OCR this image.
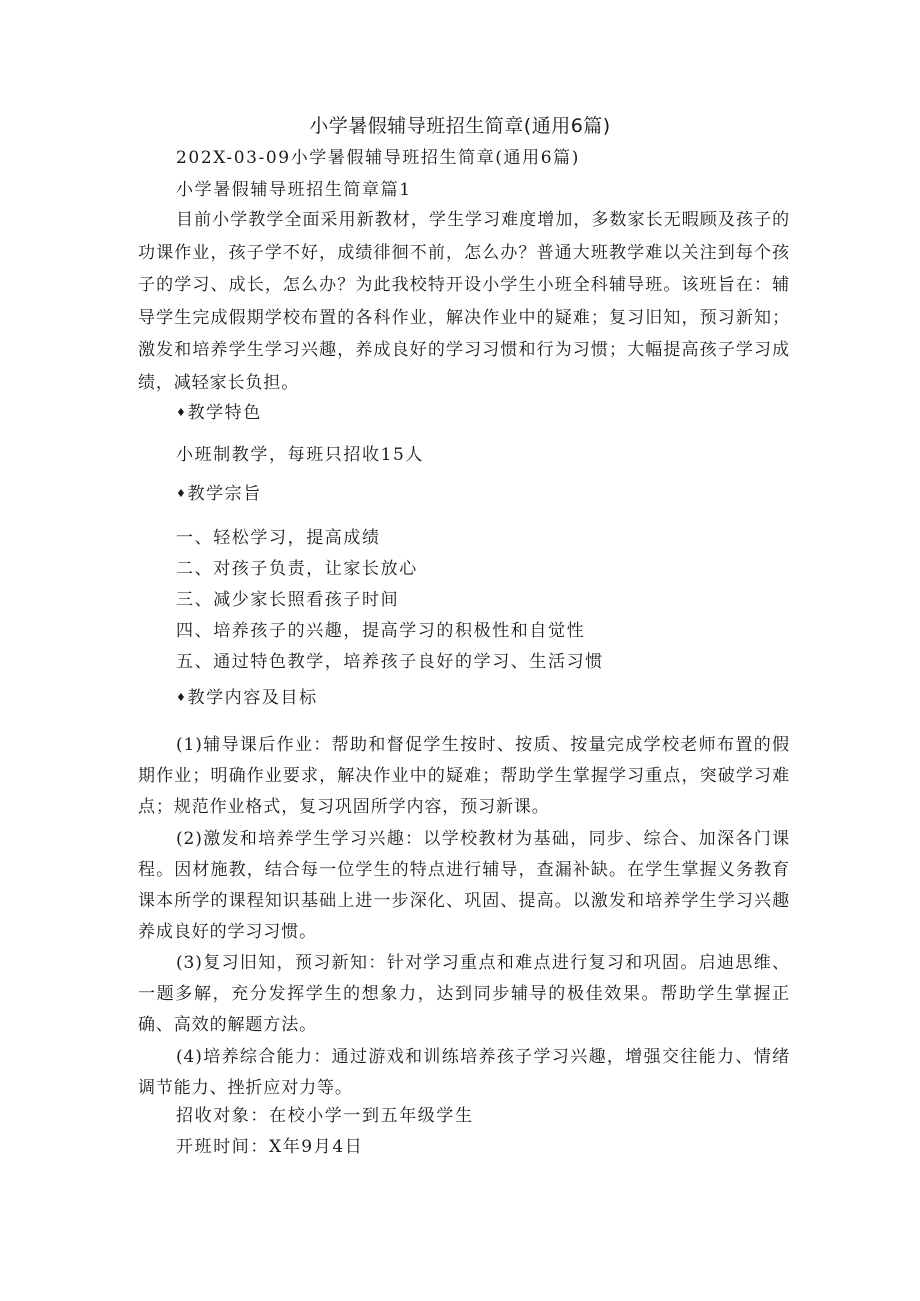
小学暑假辅导班招生简章(通用6篇)
202X-03-09小学暑假辅导班招生简章(通用6篇)
小学暑假辅导班招生简章篇1
目前小学教学全面采用新教材，学生学习难度增加，多数家长无暇顾及孩子的功课作业，孩子学不好，成绩徘徊不前，怎么办？普通大班教学难以关注到每个孩子的学习、成长，怎么办？为此我校特开设小学生小班全科辅导班。该班旨在：辅导学生完成假期学校布置的各科作业，解决作业中的疑难；复习旧知，预习新知；激发和培养学生学习兴趣，养成良好的学习习惯和行为习惯；大幅提高孩子学习成绩，减轻家长负担。
♦教学特色
小班制教学，每班只招收15人
♦教学宗旨
一、轻松学习，提高成绩
二、对孩子负责，让家长放心
三、减少家长照看孩子时间
四、培养孩子的兴趣，提高学习的积极性和自觉性
五、通过特色教学，培养孩子良好的学习、生活习惯
♦教学内容及目标
(1)辅导课后作业：帮助和督促学生按时、按质、按量完成学校老师布置的假期作业；明确作业要求，解决作业中的疑难；帮助学生掌握学习重点，突破学习难点；规范作业格式，复习巩固所学内容，预习新课。
(2)激发和培养学生学习兴趣：以学校教材为基础，同步、综合、加深各门课程。因材施教，结合每一位学生的特点进行辅导，查漏补缺。在学生掌握义务教育课本所学的课程知识基础上进一步深化、巩固、提高。以激发和培养学生学习兴趣养成良好的学习习惯。
(3)复习旧知，预习新知：针对学习重点和难点进行复习和巩固。启迪思维、一题多解，充分发挥学生的想象力，达到同步辅导的极佳效果。帮助学生掌握正确、高效的解题方法。
(4)培养综合能力：通过游戏和训练培养孩子学习兴趣，增强交往能力、情绪调节能力、挫折应对力等。
招收对象：在校小学一到五年级学生
开班时间：X年9月4日
